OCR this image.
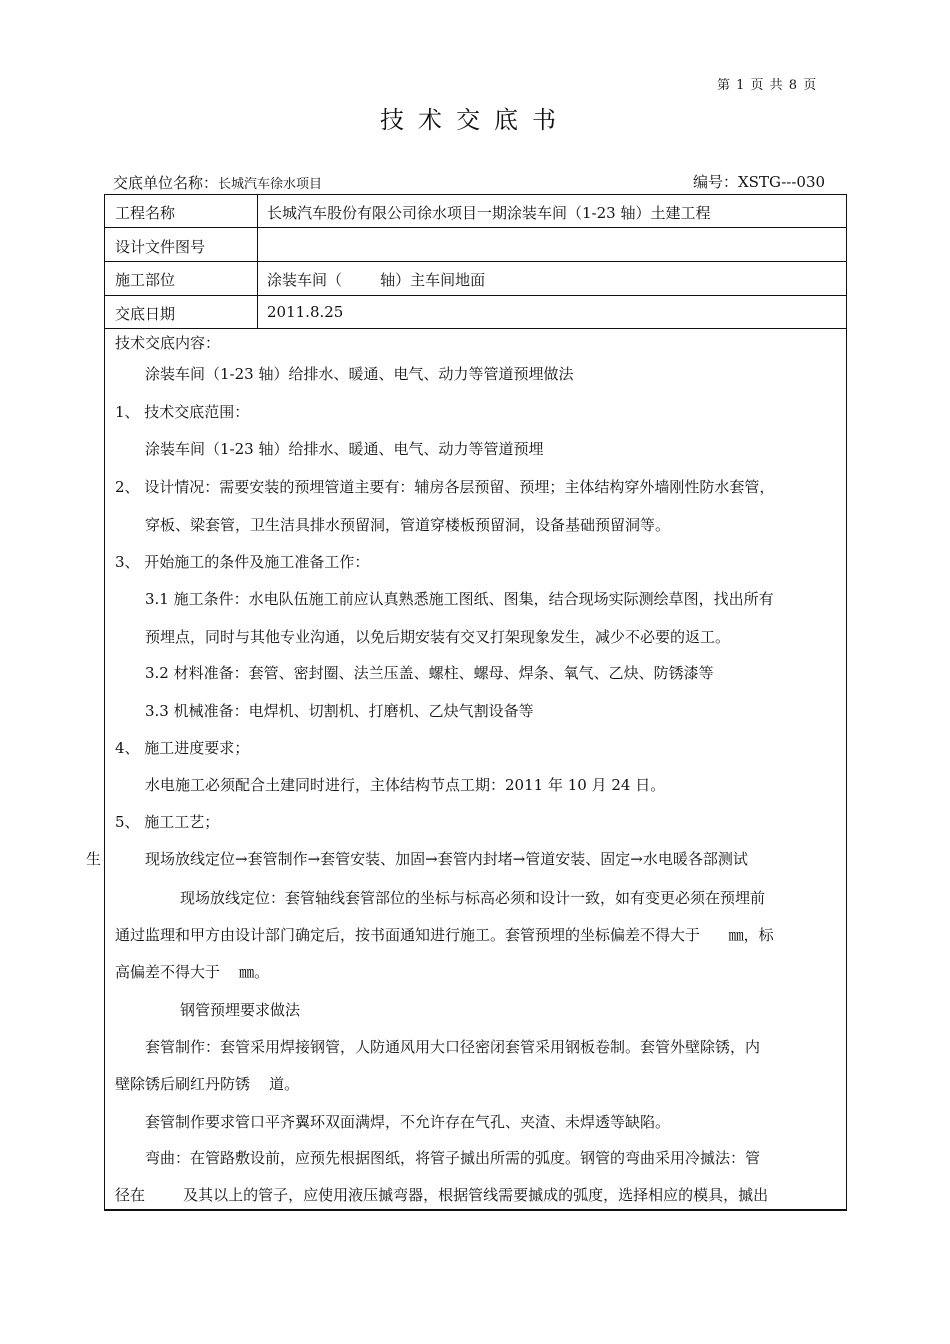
第 1 页 共 8 页
技术交底书
交底单位名称：长城汽车徐水项目	编号：XSTG---030
工程名称	长城汽车股份有限公司徐水项目一期涂装车间（1-23 轴）土建工程
设计文件图号
施工部位	涂装车间（        轴）主车间地面
交底日期	2011.8.25
生
技术交底内容：
涂装车间（1-23 轴）给排水、暖通、电气、动力等管道预埋做法
1、 技术交底范围：
涂装车间（1-23 轴）给排水、暖通、电气、动力等管道预埋
2、 设计情况：需要安装的预埋管道主要有：辅房各层预留、预埋；主体结构穿外墙刚性防水套管，
穿板、梁套管，卫生洁具排水预留洞，管道穿楼板预留洞，设备基础预留洞等。
3、 开始施工的条件及施工准备工作：
3.1 施工条件：水电队伍施工前应认真熟悉施工图纸、图集，结合现场实际测绘草图，找出所有
预埋点，同时与其他专业沟通，以免后期安装有交叉打架现象发生，减少不必要的返工。
3.2 材料准备：套管、密封圈、法兰压盖、螺柱、螺母、焊条、氧气、乙炔、防锈漆等
3.3 机械准备：电焊机、切割机、打磨机、乙炔气割设备等
4、 施工进度要求；
水电施工必须配合土建同时进行，主体结构节点工期：2011 年 10 月 24 日。
5、 施工工艺；
现场放线定位→套管制作→套管安装、加固→套管内封堵→管道安装、固定→水电暖各部测试
现场放线定位：套管轴线套管部位的坐标与标高必须和设计一致，如有变更必须在预埋前
通过监理和甲方由设计部门确定后，按书面通知进行施工。套管预埋的坐标偏差不得大于      ㎜，标
高偏差不得大于    ㎜。
钢管预埋要求做法
套管制作：套管采用焊接钢管，人防通风用大口径密闭套管采用钢板卷制。套管外壁除锈，内
壁除锈后刷红丹防锈    道。
套管制作要求管口平齐翼环双面满焊，不允许存在气孔、夹渣、未焊透等缺陷。
弯曲：在管路敷设前，应预先根据图纸，将管子摵出所需的弧度。钢管的弯曲采用冷摵法：管
径在        及其以上的管子，应使用液压摵弯器，根据管线需要摵成的弧度，选择相应的模具，摵出
